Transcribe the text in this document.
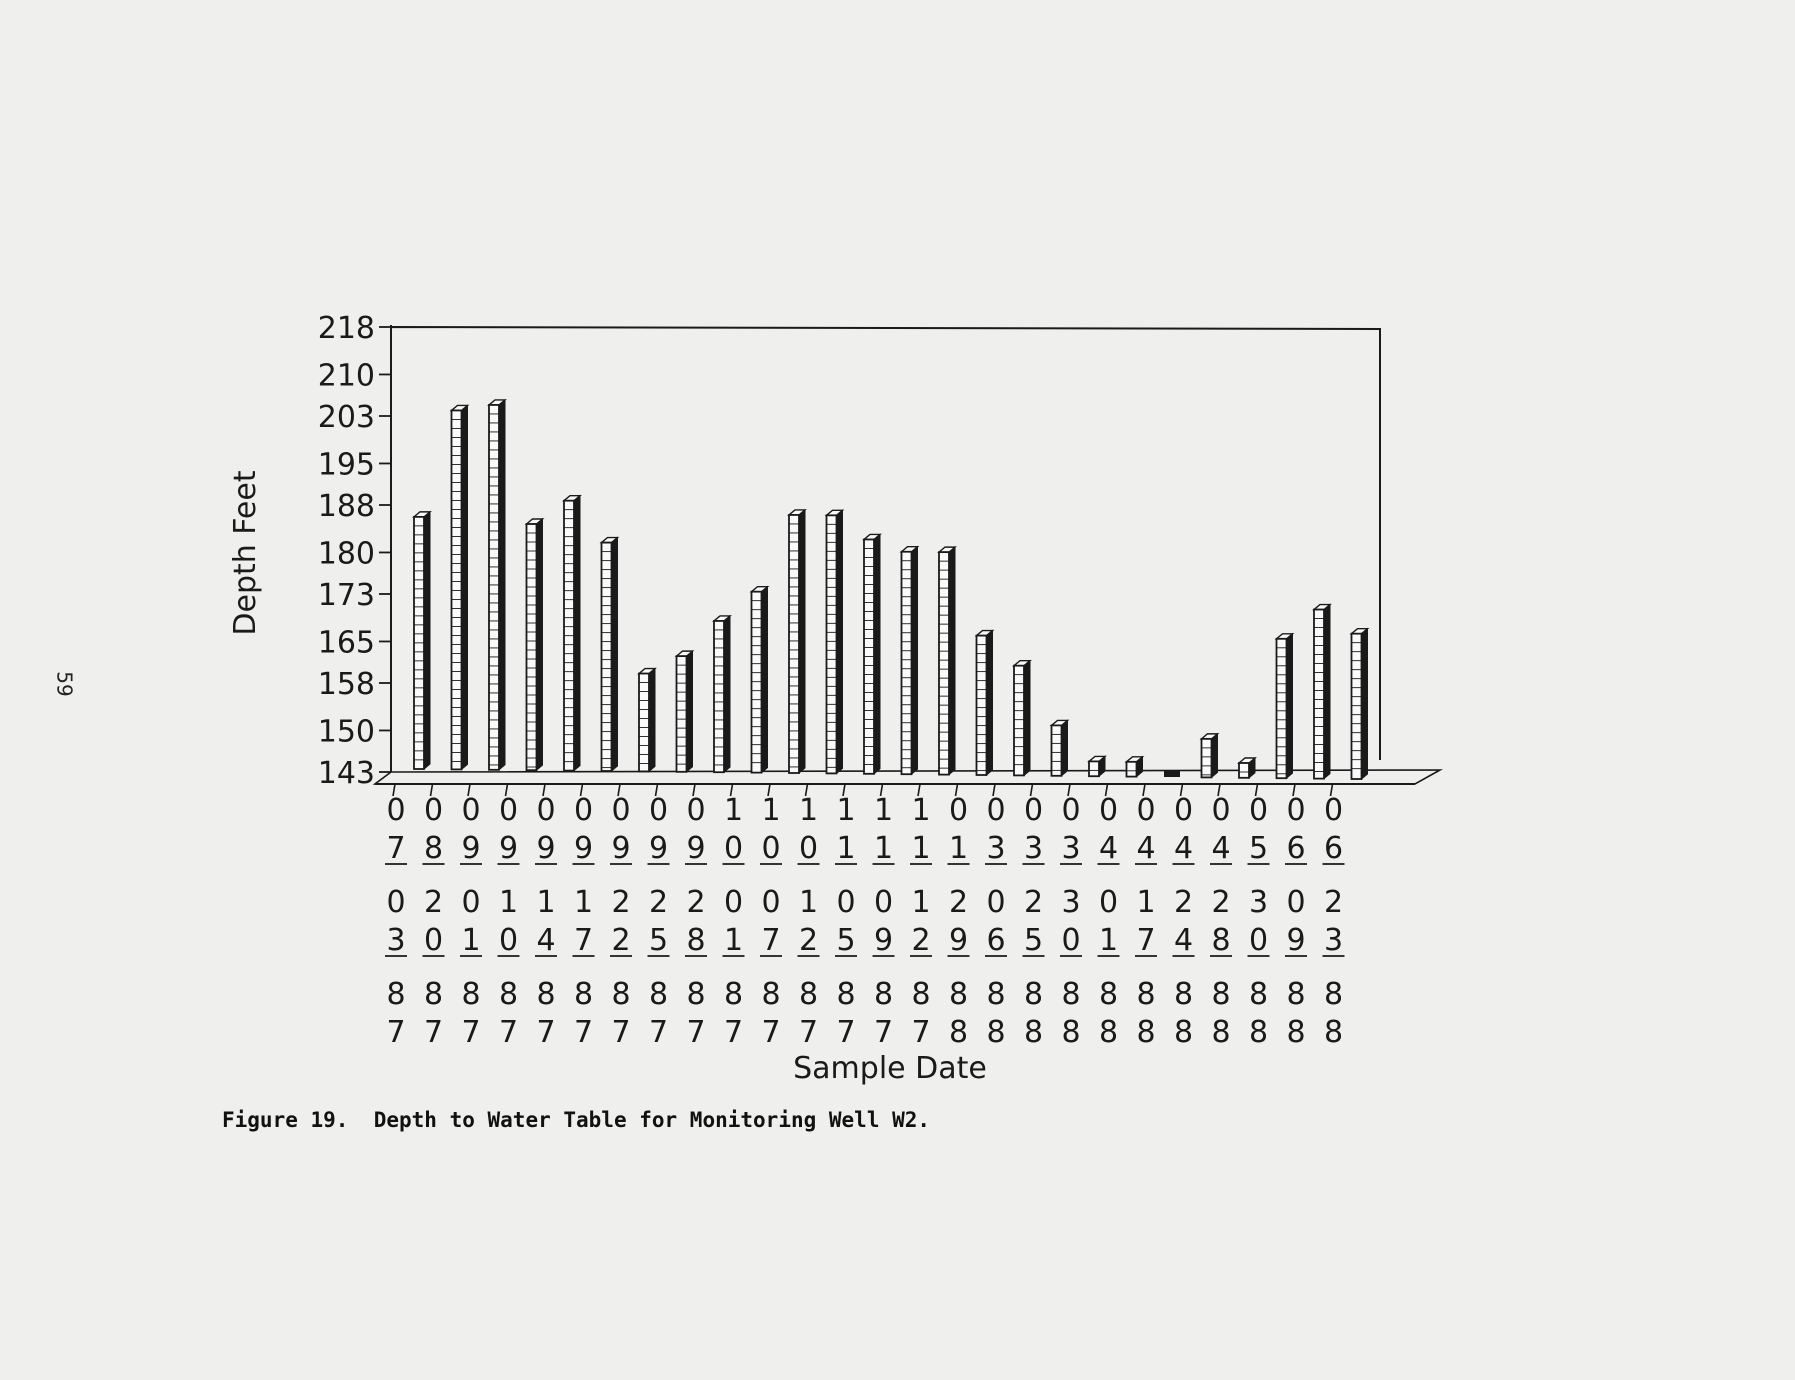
218
210
203
195
188
180
173
165
158
150
143
Depth Feet
Sample Date
0
7
0
3
8
7
0
8
2
0
8
7
0
9
0
1
8
7
0
9
1
0
8
7
0
9
1
4
8
7
0
9
1
7
8
7
0
9
2
2
8
7
0
9
2
5
8
7
0
9
2
8
8
7
1
0
0
1
8
7
1
0
0
7
8
7
1
0
1
2
8
7
1
1
0
5
8
7
1
1
0
9
8
7
1
1
1
2
8
7
0
1
2
9
8
8
0
3
0
6
8
8
0
3
2
5
8
8
0
3
3
0
8
8
0
4
0
1
8
8
0
4
1
7
8
8
0
4
2
4
8
8
0
4
2
8
8
8
0
5
3
0
8
8
0
6
0
9
8
8
0
6
2
3
8
8
59
Figure 19. Depth to Water Table for Monitoring Well W2.
